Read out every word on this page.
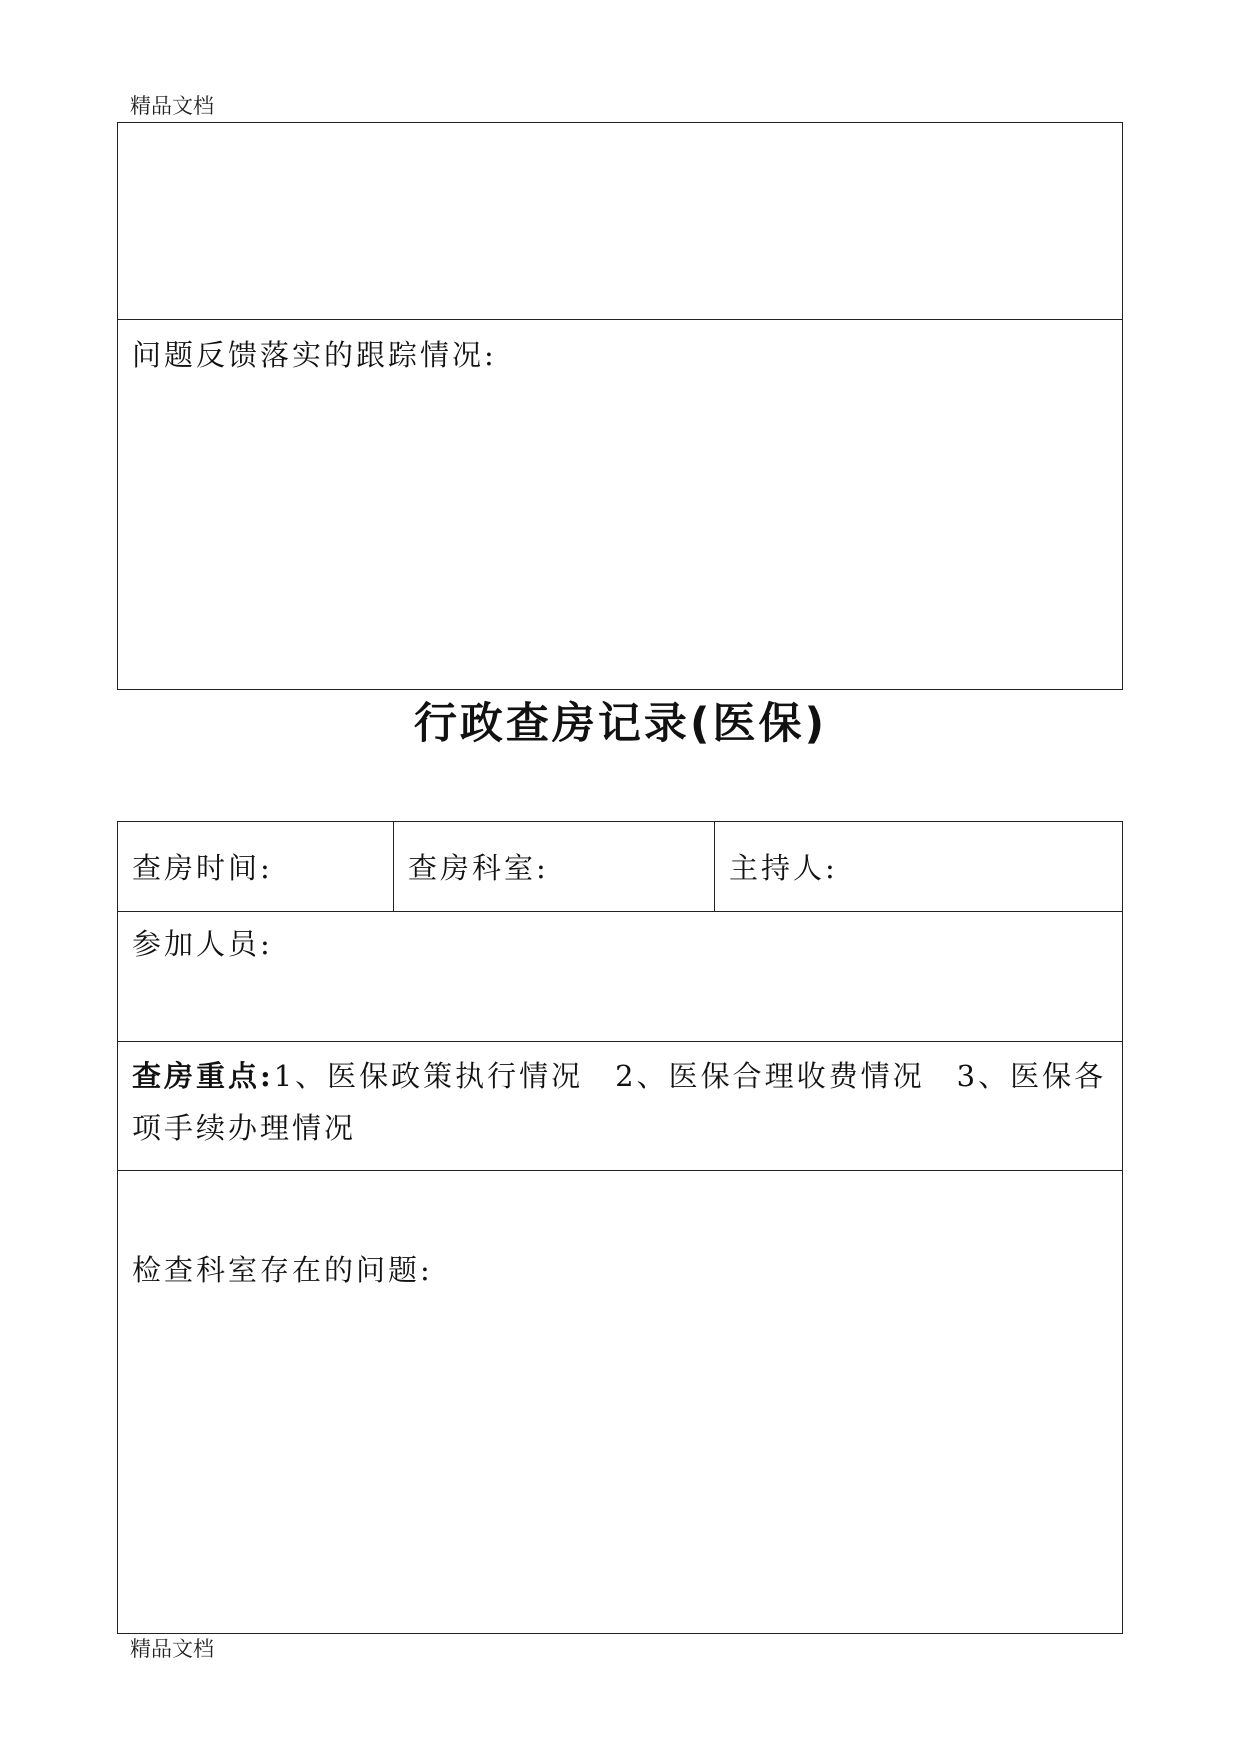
精品文档
问题反馈落实的跟踪情况:
行政查房记录(医保)
查房时间:	查房科室:	主持人:
参加人员:
查房重点:1、医保政策执行情况　2、医保合理收费情况　3、医保各项手续办理情况
检查科室存在的问题:
精品文档
